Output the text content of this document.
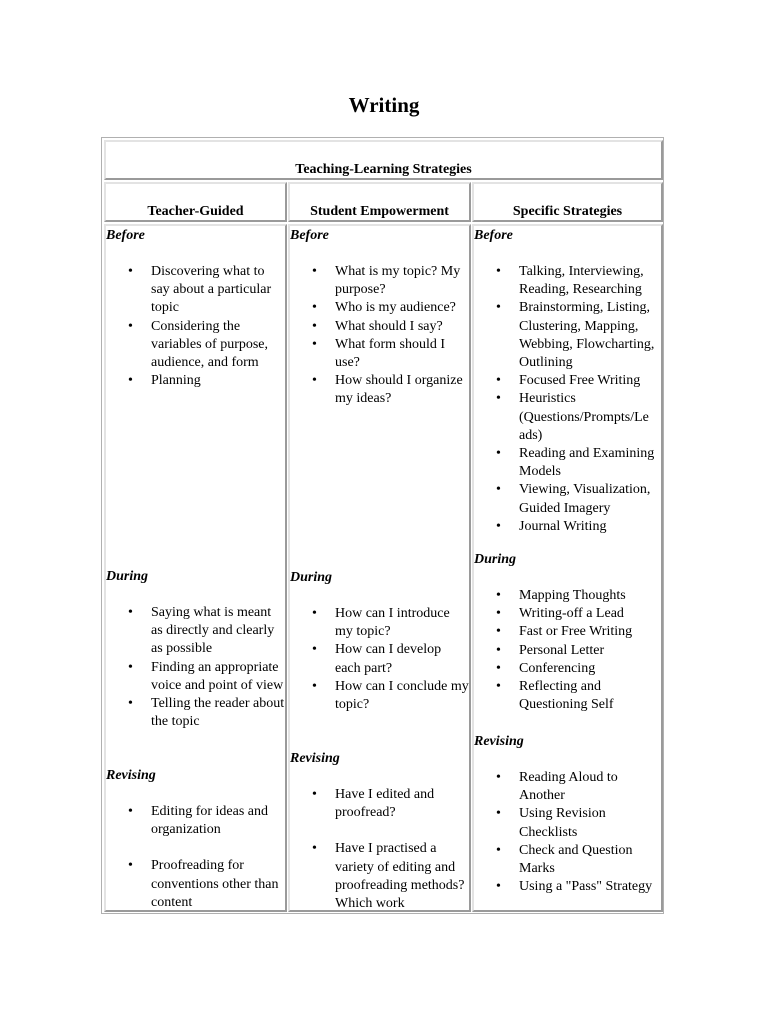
Writing
Teaching-Learning Strategies
Teacher-Guided	Student Empowerment	Specific Strategies
Before
• Discovering what to say about a particular topic
• Considering the variables of purpose, audience, and form
• Planning
During
• Saying what is meant as directly and clearly as possible
• Finding an appropriate voice and point of view
• Telling the reader about the topic
Revising
• Editing for ideas and organization
• Proofreading for conventions other than content
Before
• What is my topic? My purpose?
• Who is my audience?
• What should I say?
• What form should I use?
• How should I organize my ideas?
During
• How can I introduce my topic?
• How can I develop each part?
• How can I conclude my topic?
Revising
• Have I edited and proofread?
• Have I practised a variety of editing and proofreading methods? Which work
Before
• Talking, Interviewing, Reading, Researching
• Brainstorming, Listing, Clustering, Mapping, Webbing, Flowcharting, Outlining
• Focused Free Writing
• Heuristics (Questions/Prompts/Le ads)
• Reading and Examining Models
• Viewing, Visualization, Guided Imagery
• Journal Writing
During
• Mapping Thoughts
• Writing-off a Lead
• Fast or Free Writing
• Personal Letter
• Conferencing
• Reflecting and Questioning Self
Revising
• Reading Aloud to Another
• Using Revision Checklists
• Check and Question Marks
• Using a "Pass" Strategy
